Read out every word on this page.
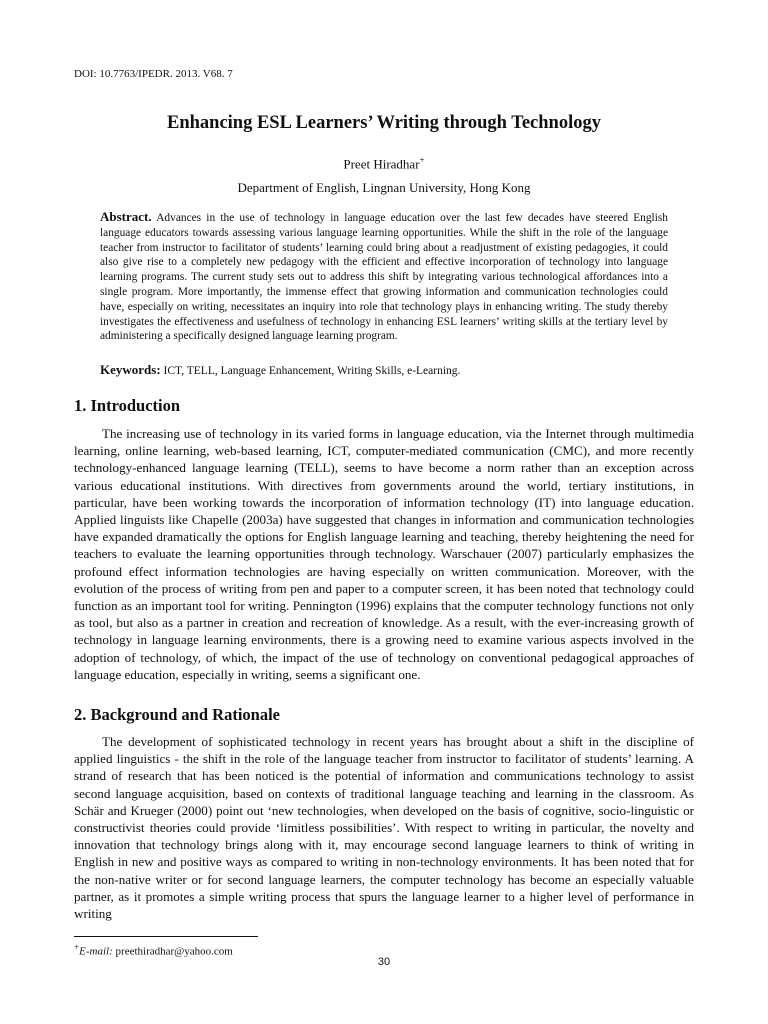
DOI: 10.7763/IPEDR. 2013. V68. 7
Enhancing ESL Learners’ Writing through Technology
Preet Hiradhar+
Department of English, Lingnan University, Hong Kong
Abstract. Advances in the use of technology in language education over the last few decades have steered English language educators towards assessing various language learning opportunities. While the shift in the role of the language teacher from instructor to facilitator of students’ learning could bring about a readjustment of existing pedagogies, it could also give rise to a completely new pedagogy with the efficient and effective incorporation of technology into language learning programs. The current study sets out to address this shift by integrating various technological affordances into a single program. More importantly, the immense effect that growing information and communication technologies could have, especially on writing, necessitates an inquiry into role that technology plays in enhancing writing. The study thereby investigates the effectiveness and usefulness of technology in enhancing ESL learners’ writing skills at the tertiary level by administering a specifically designed language learning program.
Keywords: ICT, TELL, Language Enhancement, Writing Skills, e-Learning.
1. Introduction
The increasing use of technology in its varied forms in language education, via the Internet through multimedia learning, online learning, web-based learning, ICT, computer-mediated communication (CMC), and more recently technology-enhanced language learning (TELL), seems to have become a norm rather than an exception across various educational institutions. With directives from governments around the world, tertiary institutions, in particular, have been working towards the incorporation of information technology (IT) into language education. Applied linguists like Chapelle (2003a) have suggested that changes in information and communication technologies have expanded dramatically the options for English language learning and teaching, thereby heightening the need for teachers to evaluate the learning opportunities through technology. Warschauer (2007) particularly emphasizes the profound effect information technologies are having especially on written communication. Moreover, with the evolution of the process of writing from pen and paper to a computer screen, it has been noted that technology could function as an important tool for writing. Pennington (1996) explains that the computer technology functions not only as tool, but also as a partner in creation and recreation of knowledge. As a result, with the ever-increasing growth of technology in language learning environments, there is a growing need to examine various aspects involved in the adoption of technology, of which, the impact of the use of technology on conventional pedagogical approaches of language education, especially in writing, seems a significant one.
2. Background and Rationale
The development of sophisticated technology in recent years has brought about a shift in the discipline of applied linguistics - the shift in the role of the language teacher from instructor to facilitator of students’ learning. A strand of research that has been noticed is the potential of information and communications technology to assist second language acquisition, based on contexts of traditional language teaching and learning in the classroom. As Schär and Krueger (2000) point out ‘new technologies, when developed on the basis of cognitive, socio-linguistic or constructivist theories could provide ‘limitless possibilities’. With respect to writing in particular, the novelty and innovation that technology brings along with it, may encourage second language learners to think of writing in English in new and positive ways as compared to writing in non-technology environments. It has been noted that for the non-native writer or for second language learners, the computer technology has become an especially valuable partner, as it promotes a simple writing process that spurs the language learner to a higher level of performance in writing
+E-mail: preethiradhar@yahoo.com
30
